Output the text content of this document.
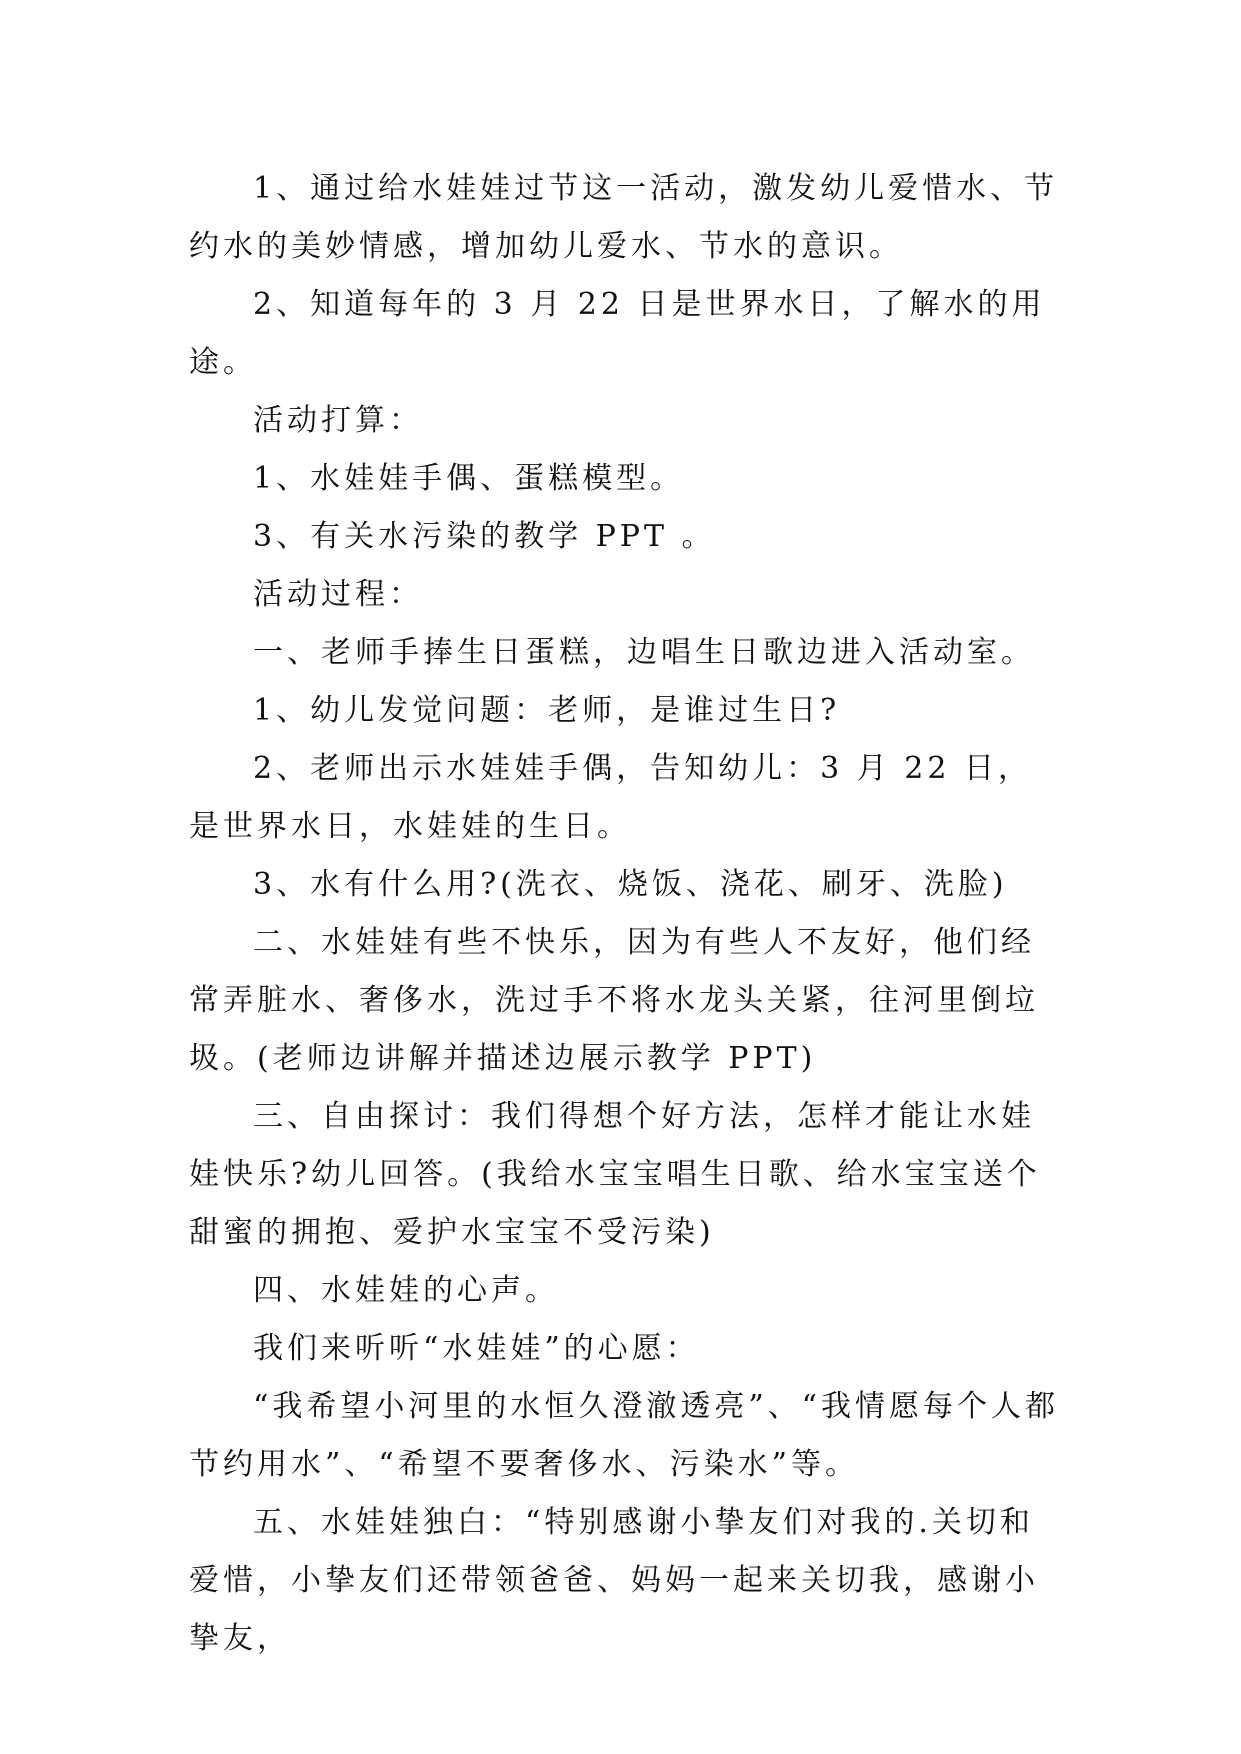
1、通过给水娃娃过节这一活动，激发幼儿爱惜水、节约水的美妙情感，增加幼儿爱水、节水的意识。

2、知道每年的 3 月 22 日是世界水日，了解水的用途。

活动打算：

1、水娃娃手偶、蛋糕模型。

3、有关水污染的教学 PPT 。

活动过程：

一、老师手捧生日蛋糕，边唱生日歌边进入活动室。

1、幼儿发觉问题：老师，是谁过生日?

2、老师出示水娃娃手偶，告知幼儿：3 月 22 日，是世界水日，水娃娃的生日。

3、水有什么用?(洗衣、烧饭、浇花、刷牙、洗脸)

二、水娃娃有些不快乐，因为有些人不友好，他们经常弄脏水、奢侈水，洗过手不将水龙头关紧，往河里倒垃圾。(老师边讲解并描述边展示教学 PPT)

三、自由探讨：我们得想个好方法，怎样才能让水娃娃快乐?幼儿回答。(我给水宝宝唱生日歌、给水宝宝送个甜蜜的拥抱、爱护水宝宝不受污染)

四、水娃娃的心声。

我们来听听“水娃娃”的心愿：

“我希望小河里的水恒久澄澈透亮”、“我情愿每个人都节约用水”、“希望不要奢侈水、污染水”等。

五、水娃娃独白：“特别感谢小挚友们对我的.关切和爱惜，小挚友们还带领爸爸、妈妈一起来关切我，感谢小挚友，
